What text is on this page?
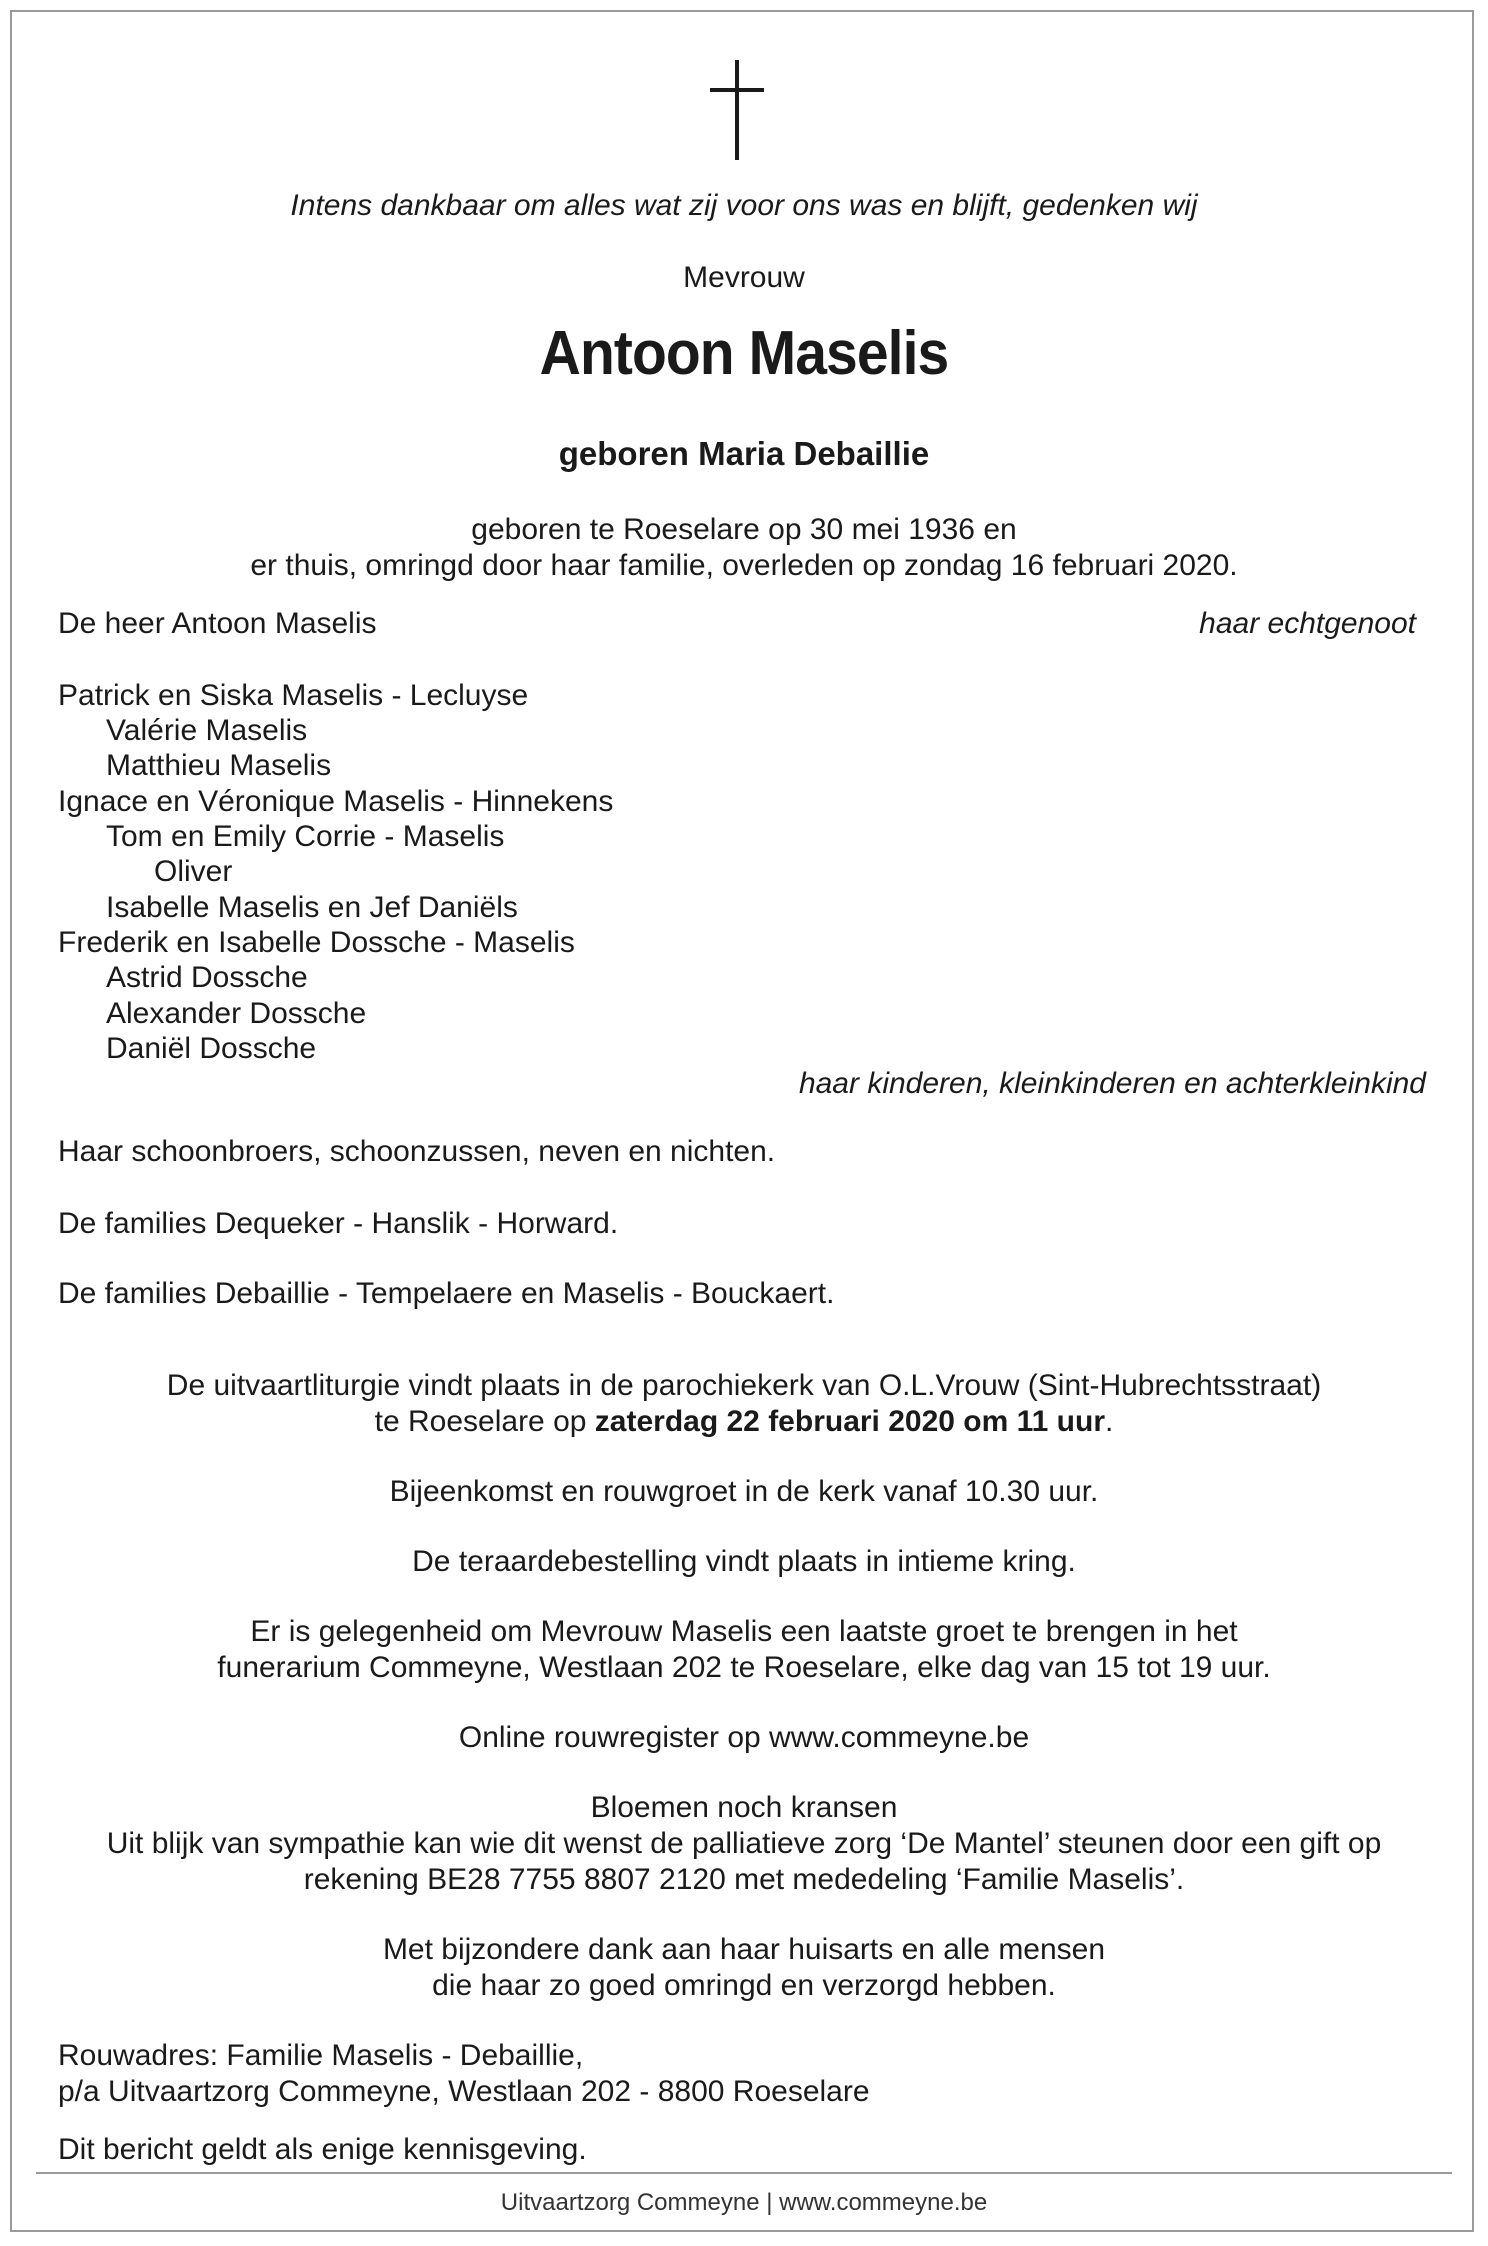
Intens dankbaar om alles wat zij voor ons was en blijft, gedenken wij
Mevrouw
Antoon Maselis
geboren Maria Debaillie
geboren te Roeselare op 30 mei 1936 en
er thuis, omringd door haar familie, overleden op zondag 16 februari 2020.
De heer Antoon Maselis	haar echtgenoot
Patrick en Siska Maselis - Lecluyse
Valérie Maselis
Matthieu Maselis
Ignace en Véronique Maselis - Hinnekens
Tom en Emily Corrie - Maselis
Oliver
Isabelle Maselis en Jef Daniëls
Frederik en Isabelle Dossche - Maselis
Astrid Dossche
Alexander Dossche
Daniël Dossche
haar kinderen, kleinkinderen en achterkleinkind
Haar schoonbroers, schoonzussen, neven en nichten.
De families Dequeker - Hanslik - Horward.
De families Debaillie - Tempelaere en Maselis - Bouckaert.
De uitvaartliturgie vindt plaats in de parochiekerk van O.L.Vrouw (Sint-Hubrechtsstraat)
te Roeselare op zaterdag 22 februari 2020 om 11 uur.
Bijeenkomst en rouwgroet in de kerk vanaf 10.30 uur.
De teraardebestelling vindt plaats in intieme kring.
Er is gelegenheid om Mevrouw Maselis een laatste groet te brengen in het
funerarium Commeyne, Westlaan 202 te Roeselare, elke dag van 15 tot 19 uur.
Online rouwregister op www.commeyne.be
Bloemen noch kransen
Uit blijk van sympathie kan wie dit wenst de palliatieve zorg ‘De Mantel’ steunen door een gift op
rekening BE28 7755 8807 2120 met mededeling ‘Familie Maselis’.
Met bijzondere dank aan haar huisarts en alle mensen
die haar zo goed omringd en verzorgd hebben.
Rouwadres: Familie Maselis - Debaillie,
p/a Uitvaartzorg Commeyne, Westlaan 202 - 8800 Roeselare
Dit bericht geldt als enige kennisgeving.
Uitvaartzorg Commeyne | www.commeyne.be
